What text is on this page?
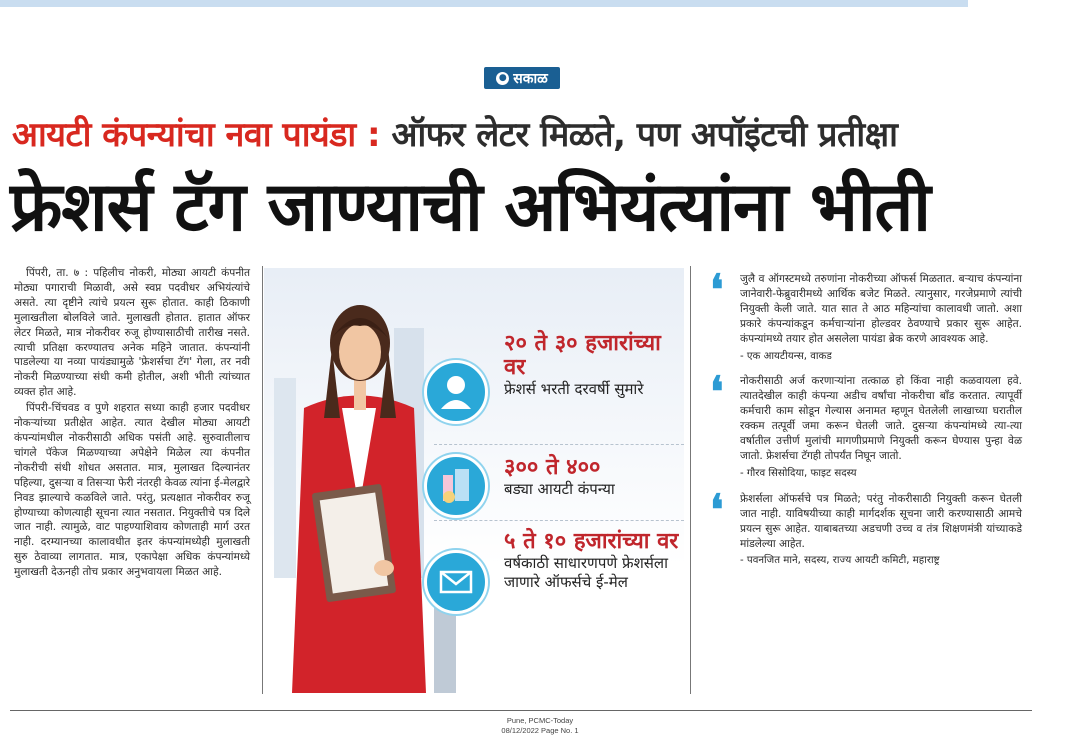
● सकाळ
आयटी कंपन्यांचा नवा पायंडा : ऑफर लेटर मिळते, पण अपॉइंटची प्रतीक्षा
फ्रेशर्स टॅग जाण्याची अभियंत्यांना भीती

पिंपरी, ता. ७ : पहिलीच नोकरी, मोठ्या आयटी कंपनीत मोठ्या पगाराची मिळावी, असे स्वप्न पदवीधर अभियंत्यांचे असते. त्या दृष्टीने त्यांचे प्रयत्न सुरू होतात. काही ठिकाणी मुलाखतीला बोलविले जाते. मुलाखती होतात. हातात ऑफर लेटर मिळते, मात्र नोकरीवर रुजू होण्यासाठीची तारीख नसते. त्याची प्रतिक्षा करण्यातच अनेक महिने जातात. कंपन्यांनी पाडलेल्या या नव्या पायंड्यामुळे 'फ्रेशर्सचा टॅग' गेला, तर नवी नोकरी मिळण्याच्या संधी कमी होतील, अशी भीती त्यांच्यात व्यक्त होत आहे.

पिंपरी-चिंचवड व पुणे शहरात सध्या काही हजार पदवीधर नोकऱ्यांच्या प्रतीक्षेत आहेत. त्यात देखील मोठ्या आयटी कंपन्यांमधील नोकरीसाठी अधिक पसंती आहे. सुरुवातीलाच चांगले पॅकेज मिळण्याच्या अपेक्षेने मिळेल त्या कंपनीत नोकरीची संधी शोधत असतात. मात्र, मुलाखत दिल्यानंतर पहिल्या, दुसऱ्या व तिसऱ्या फेरी नंतरही केवळ त्यांना ई-मेलद्वारे निवड झाल्याचे कळविले जाते. परंतु, प्रत्यक्षात नोकरीवर रुजू होण्याच्या कोणत्याही सूचना त्यात नसतात. नियुक्तीचे पत्र दिले जात नाही. त्यामुळे, वाट पाहण्याशिवाय कोणताही मार्ग उरत नाही. दरम्यानच्या कालावधीत इतर कंपन्यांमध्येही मुलाखती सुरु ठेवाव्या लागतात. मात्र, एकापेक्षा अधिक कंपन्यांमध्ये मुलाखती देऊनही तोच प्रकार अनुभवायला मिळत आहे.

२० ते ३० हजारांच्या वर
फ्रेशर्स भरती दरवर्षी सुमारे
३०० ते ४००
बड्या आयटी कंपन्या
५ ते १० हजारांच्या वर
वर्षकाठी साधारणपणे फ्रेशर्सला जाणारे ऑफर्सचे ई-मेल
❛ जुलै व ऑगस्टमध्ये तरुणांना नोकरीच्या ऑफर्स मिळतात. बऱ्याच कंपन्यांना जानेवारी-फेब्रुवारीमध्ये आर्थिक बजेट मिळते. त्यानुसार, गरजेप्रमाणे त्यांची नियुक्ती केली जाते. यात सात ते आठ महिन्यांचा कालावधी जातो. अशा प्रकारे कंपन्यांकडून कर्मचाऱ्यांना होल्डवर ठेवण्याचे प्रकार सुरू आहेत. कंपन्यांमध्ये तयार होत असलेला पायंडा ब्रेक करणे आवश्यक आहे.
- एक आयटीयन्स, वाकड
❛ नोकरीसाठी अर्ज करणाऱ्यांना तत्काळ हो किंवा नाही कळवायला हवे. त्यातदेखील काही कंपन्या अडीच वर्षांचा नोकरीचा बाँड करतात. त्यापूर्वी कर्मचारी काम सोडून गेल्यास अनामत म्हणून घेतलेली लाखाच्या घरातील रक्कम तत्पूर्वी जमा करून घेतली जाते. दुसऱ्या कंपन्यांमध्ये त्या-त्या वर्षातील उत्तीर्ण मुलांची मागणीप्रमाणे नियुक्ती करून घेण्यास पुन्हा वेळ जातो. फ्रेशर्सचा टॅगही तोपर्यंत निघून जातो.
- गौरव सिसोदिया, फाइट सदस्य
❛ फ्रेशर्सला ऑफर्सचे पत्र मिळते; परंतु नोकरीसाठी नियुक्ती करून घेतली जात नाही. याविषयीच्या काही मार्गदर्शक सूचना जारी करण्यासाठी आमचे प्रयत्न सुरू आहेत. याबाबतच्या अडचणी उच्च व तंत्र शिक्षणमंत्री यांच्याकडे मांडलेल्या आहेत.
- पवनजित माने, सदस्य, राज्य आयटी कमिटी, महाराष्ट्र
Pune, PCMC-Today
08/12/2022 Page No. 1
